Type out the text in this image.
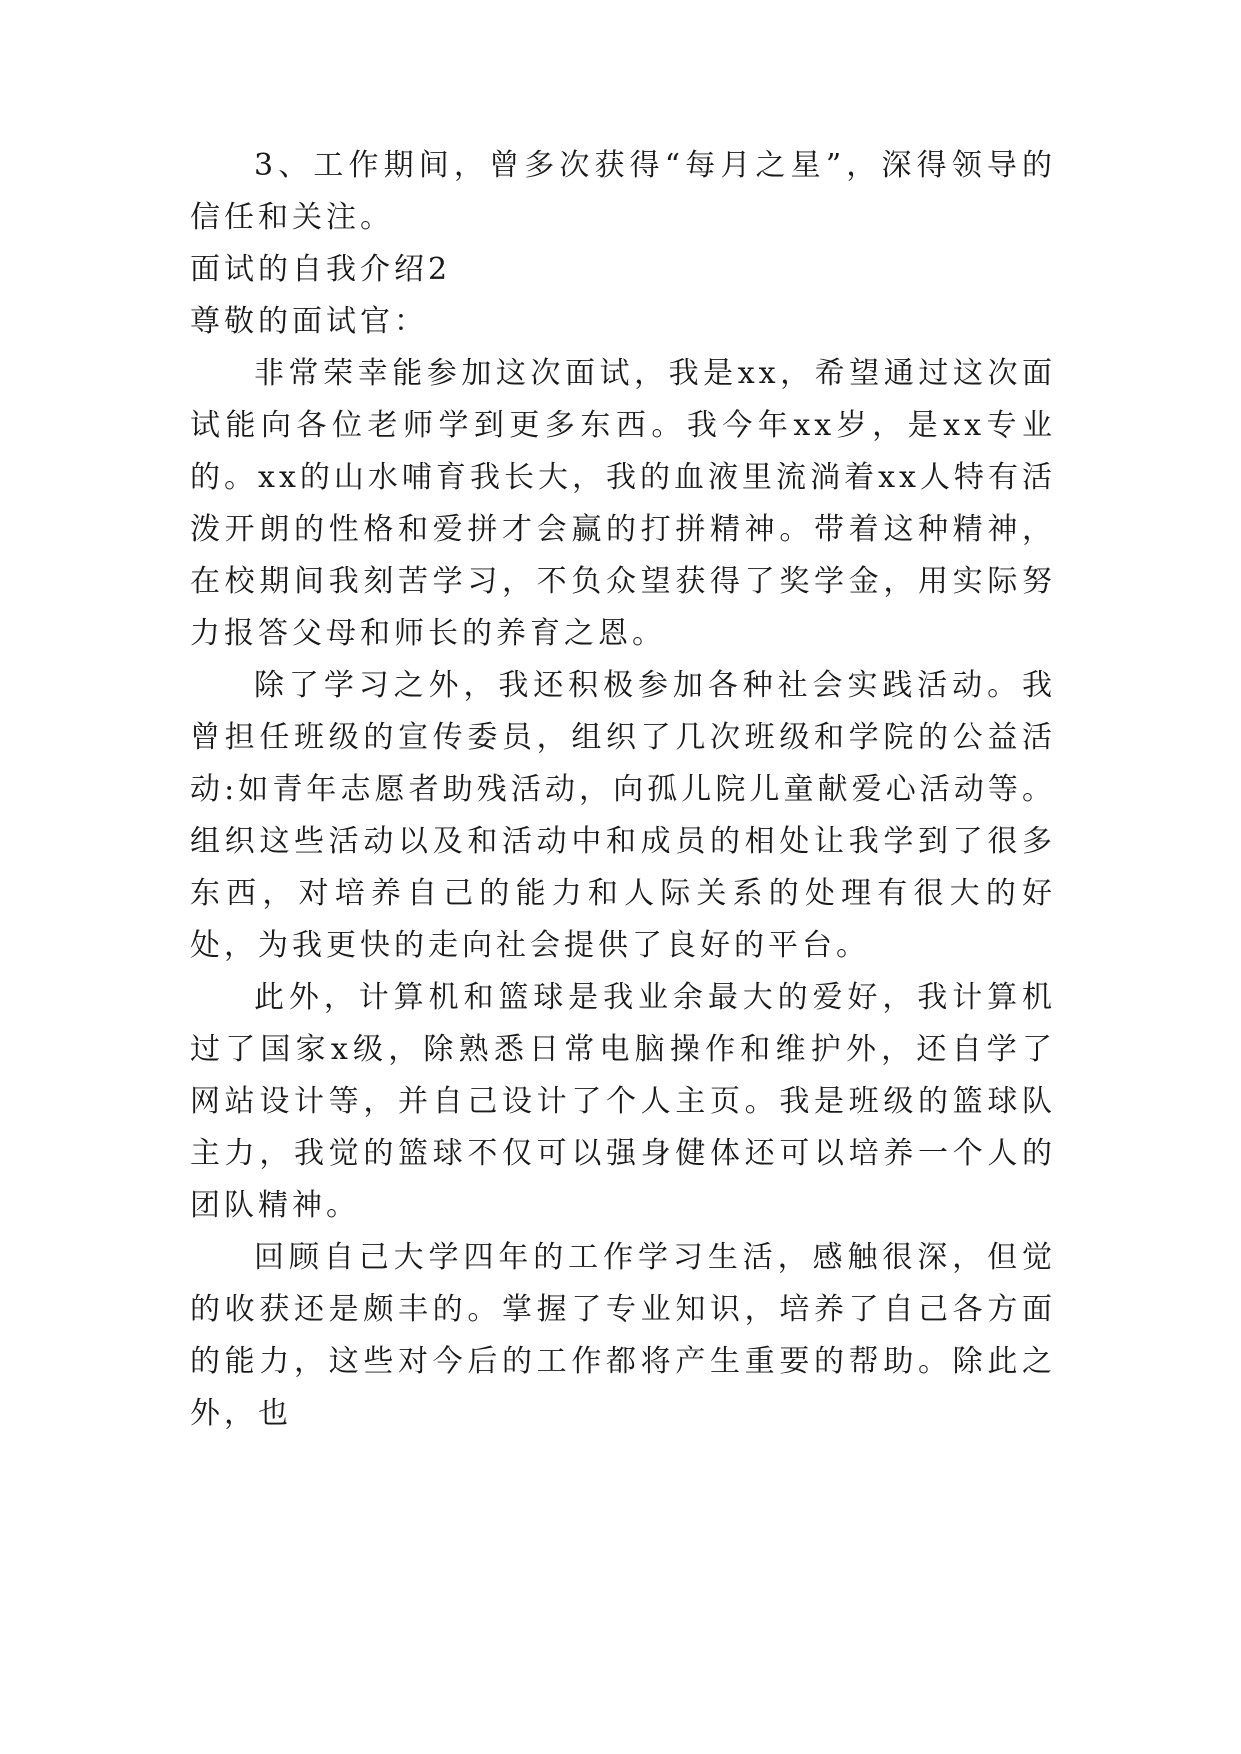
3、工作期间，曾多次获得“每月之星”，深得领导的信任和关注。

面试的自我介绍2

尊敬的面试官：

非常荣幸能参加这次面试，我是xx，希望通过这次面试能向各位老师学到更多东西。我今年xx岁，是xx专业的。xx的山水哺育我长大，我的血液里流淌着xx人特有活泼开朗的性格和爱拼才会赢的打拼精神。带着这种精神，在校期间我刻苦学习，不负众望获得了奖学金，用实际努力报答父母和师长的养育之恩。

除了学习之外，我还积极参加各种社会实践活动。我曾担任班级的宣传委员，组织了几次班级和学院的公益活动:如青年志愿者助残活动，向孤儿院儿童献爱心活动等。组织这些活动以及和活动中和成员的相处让我学到了很多东西，对培养自己的能力和人际关系的处理有很大的好处，为我更快的走向社会提供了良好的平台。

此外，计算机和篮球是我业余最大的爱好，我计算机过了国家x级，除熟悉日常电脑操作和维护外，还自学了网站设计等，并自己设计了个人主页。我是班级的篮球队主力，我觉的篮球不仅可以强身健体还可以培养一个人的团队精神。

回顾自己大学四年的工作学习生活，感触很深，但觉的收获还是颇丰的。掌握了专业知识，培养了自己各方面的能力，这些对今后的工作都将产生重要的帮助。除此之外，也
